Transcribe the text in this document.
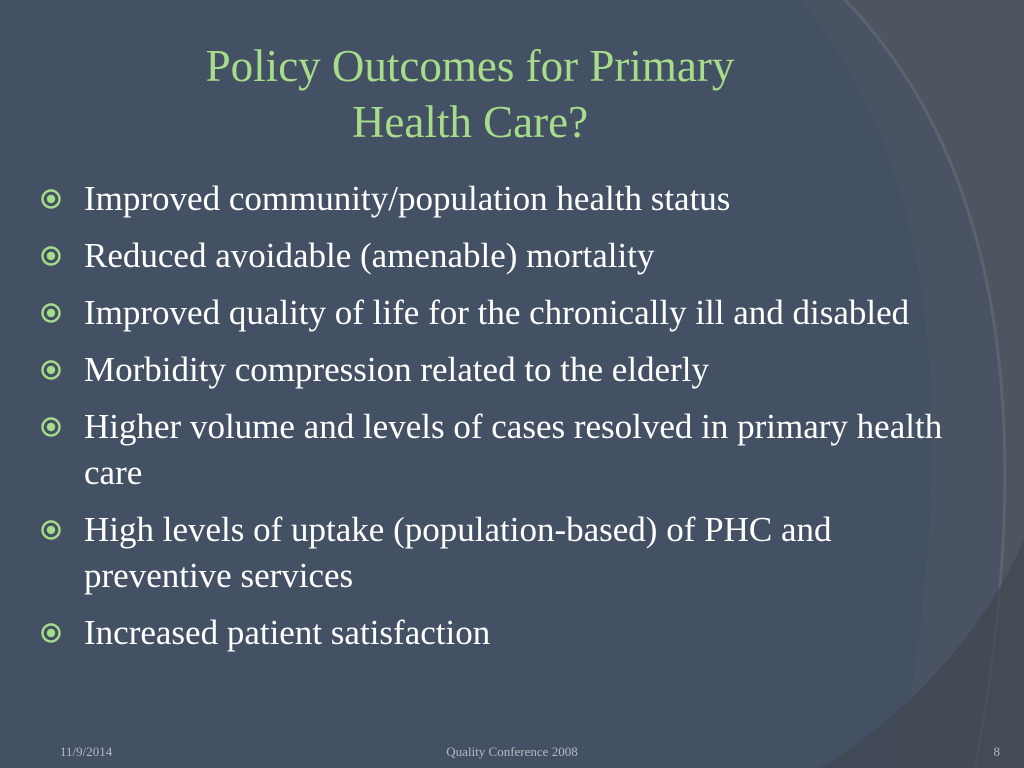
Policy Outcomes for Primary
Health Care?
Improved community/population health status
Reduced avoidable (amenable) mortality
Improved quality of life for the chronically ill and disabled
Morbidity compression related to the elderly
Higher volume and levels of cases resolved in primary health care
High levels of uptake (population-based) of PHC and preventive services
Increased patient satisfaction
11/9/2014	Quality Conference 2008	8
